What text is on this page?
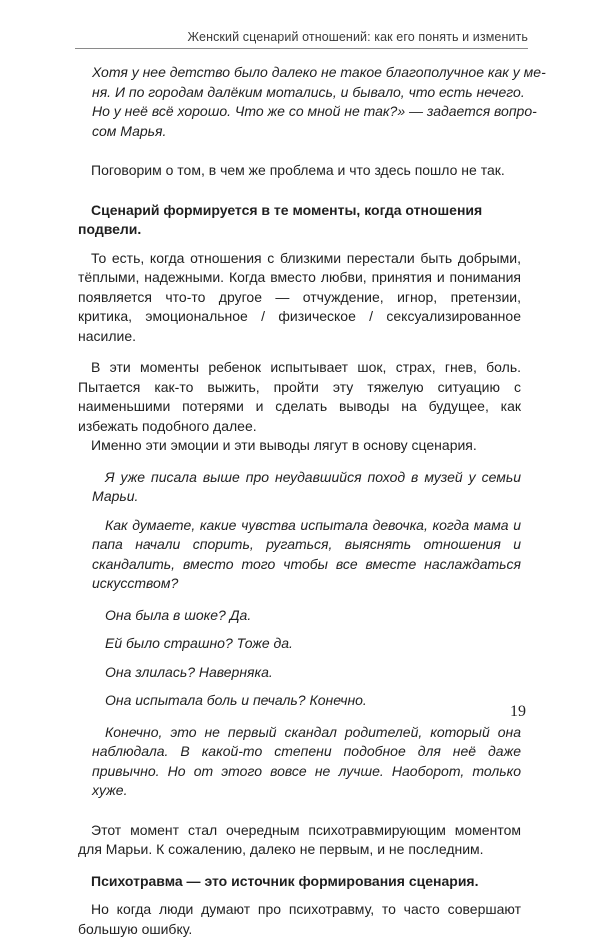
Женский сценарий отношений: как его понять и изменить

Хотя у нее детство было далеко не такое благополучное как у ме-

ня. И по городам далёким мотались, и бывало, что есть нечего.

Но у неё всё хорошо. Что же со мной не так?» — задается вопро-

сом Марья.

Поговорим о том, в чем же проблема и что здесь пошло не так.

Сценарий формируется в те моменты, когда отношения подвели.

То есть, когда отношения с близкими перестали быть добрыми, тёплыми, надежными. Когда вместо любви, принятия и понимания появляется что-то другое — отчуждение, игнор, претензии, критика, эмоциональное / физическое / сексуализированное насилие.

В эти моменты ребенок испытывает шок, страх, гнев, боль. Пытается как-то выжить, пройти эту тяжелую ситуацию с наименьшими потерями и сделать выводы на будущее, как избежать подобного далее.

Именно эти эмоции и эти выводы лягут в основу сценария.

Я уже писала выше про неудавшийся поход в музей у семьи Марьи.

Как думаете, какие чувства испытала девочка, когда мама и папа начали спорить, ругаться, выяснять отношения и скандалить, вместо того чтобы все вместе наслаждаться искусством?

Она была в шоке? Да.

Ей было страшно? Тоже да.

Она злилась? Наверняка.

Она испытала боль и печаль? Конечно.

Конечно, это не первый скандал родителей, который она наблюдала. В какой-то степени подобное для неё даже привычно. Но от этого вовсе не лучше. Наоборот, только хуже.

Этот момент стал очередным психотравмирующим моментом для Марьи. К сожалению, далеко не первым, и не последним.

Психотравма — это источник формирования сценария.

Но когда люди думают про психотравму, то часто совершают большую ошибку.

19
